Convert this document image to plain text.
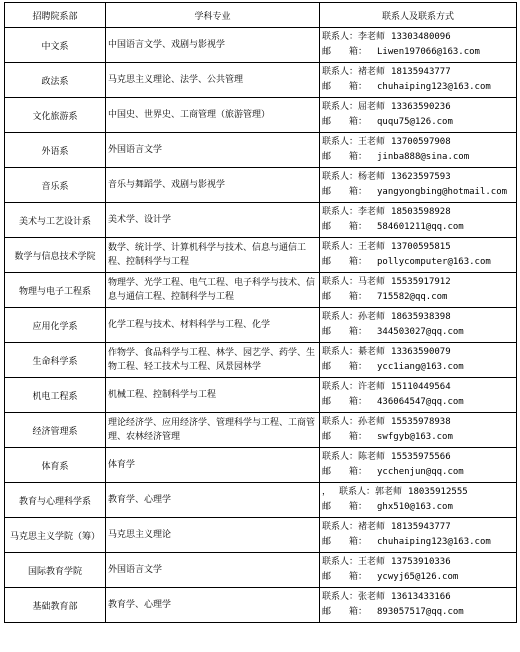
招聘院系部	学科专业	联系人及联系方式
中文系	中国语言文学、戏剧与影视学	联系人：李老师 13303480096
邮　　箱： Liwen197066@163.com

政法系	马克思主义理论、法学、公共管理	联系人：褚老师 18135943777
邮　　箱： chuhaiping123@163.com

文化旅游系	中国史、世界史、工商管理（旅游管理）	联系人：屈老师 13363590236
邮　　箱： ququ75@126.com

外语系	外国语言文学	联系人：王老师 13700597908
邮　　箱： jinba888@sina.com

音乐系	音乐与舞蹈学、戏剧与影视学	联系人：杨老师 13623597593
邮　　箱： yangyongbing@hotmail.com

美术与工艺设计系	美术学、设计学	联系人：李老师 18503598928
邮　　箱： 584601211@qq.com

数学与信息技术学院	数学、统计学、计算机科学与技术、信息与通信工程、控制科学与工程	联系人：王老师 13700595815
邮　　箱： pollycomputer@163.com

物理与电子工程系	物理学、光学工程、电气工程、电子科学与技术、信息与通信工程、控制科学与工程	联系人：马老师 15535917912
邮　　箱： 715582@qq.com

应用化学系	化学工程与技术、材料科学与工程、化学	联系人：孙老师 18635938398
邮　　箱： 344503027@qq.com

生命科学系	作物学、食品科学与工程、林学、园艺学、药学、生物工程、轻工技术与工程、风景园林学	联系人：綦老师 13363590079
邮　　箱： ycc1iang@163.com

机电工程系	机械工程、控制科学与工程	联系人：许老师 15110449564
邮　　箱： 436064547@qq.com

经济管理系	理论经济学、应用经济学、管理科学与工程、工商管理、农林经济管理	联系人：孙老师 15535978938
邮　　箱： swfgyb@163.com

体育系	体育学	联系人：陈老师 15535975566
邮　　箱： ycchenjun@qq.com

教育与心理科学系	教育学、心理学	， 联系人：郭老师 18035912555
邮　　箱： ghx510@163.com

马克思主义学院（筹）	马克思主义理论	联系人：褚老师 18135943777
邮　　箱： chuhaiping123@163.com

国际教育学院	外国语言文学	联系人：王老师 13753910336
邮　　箱： ycwyj65@126.com

基础教育部	教育学、心理学	联系人：张老师 13613433166
邮　　箱： 893057517@qq.com
